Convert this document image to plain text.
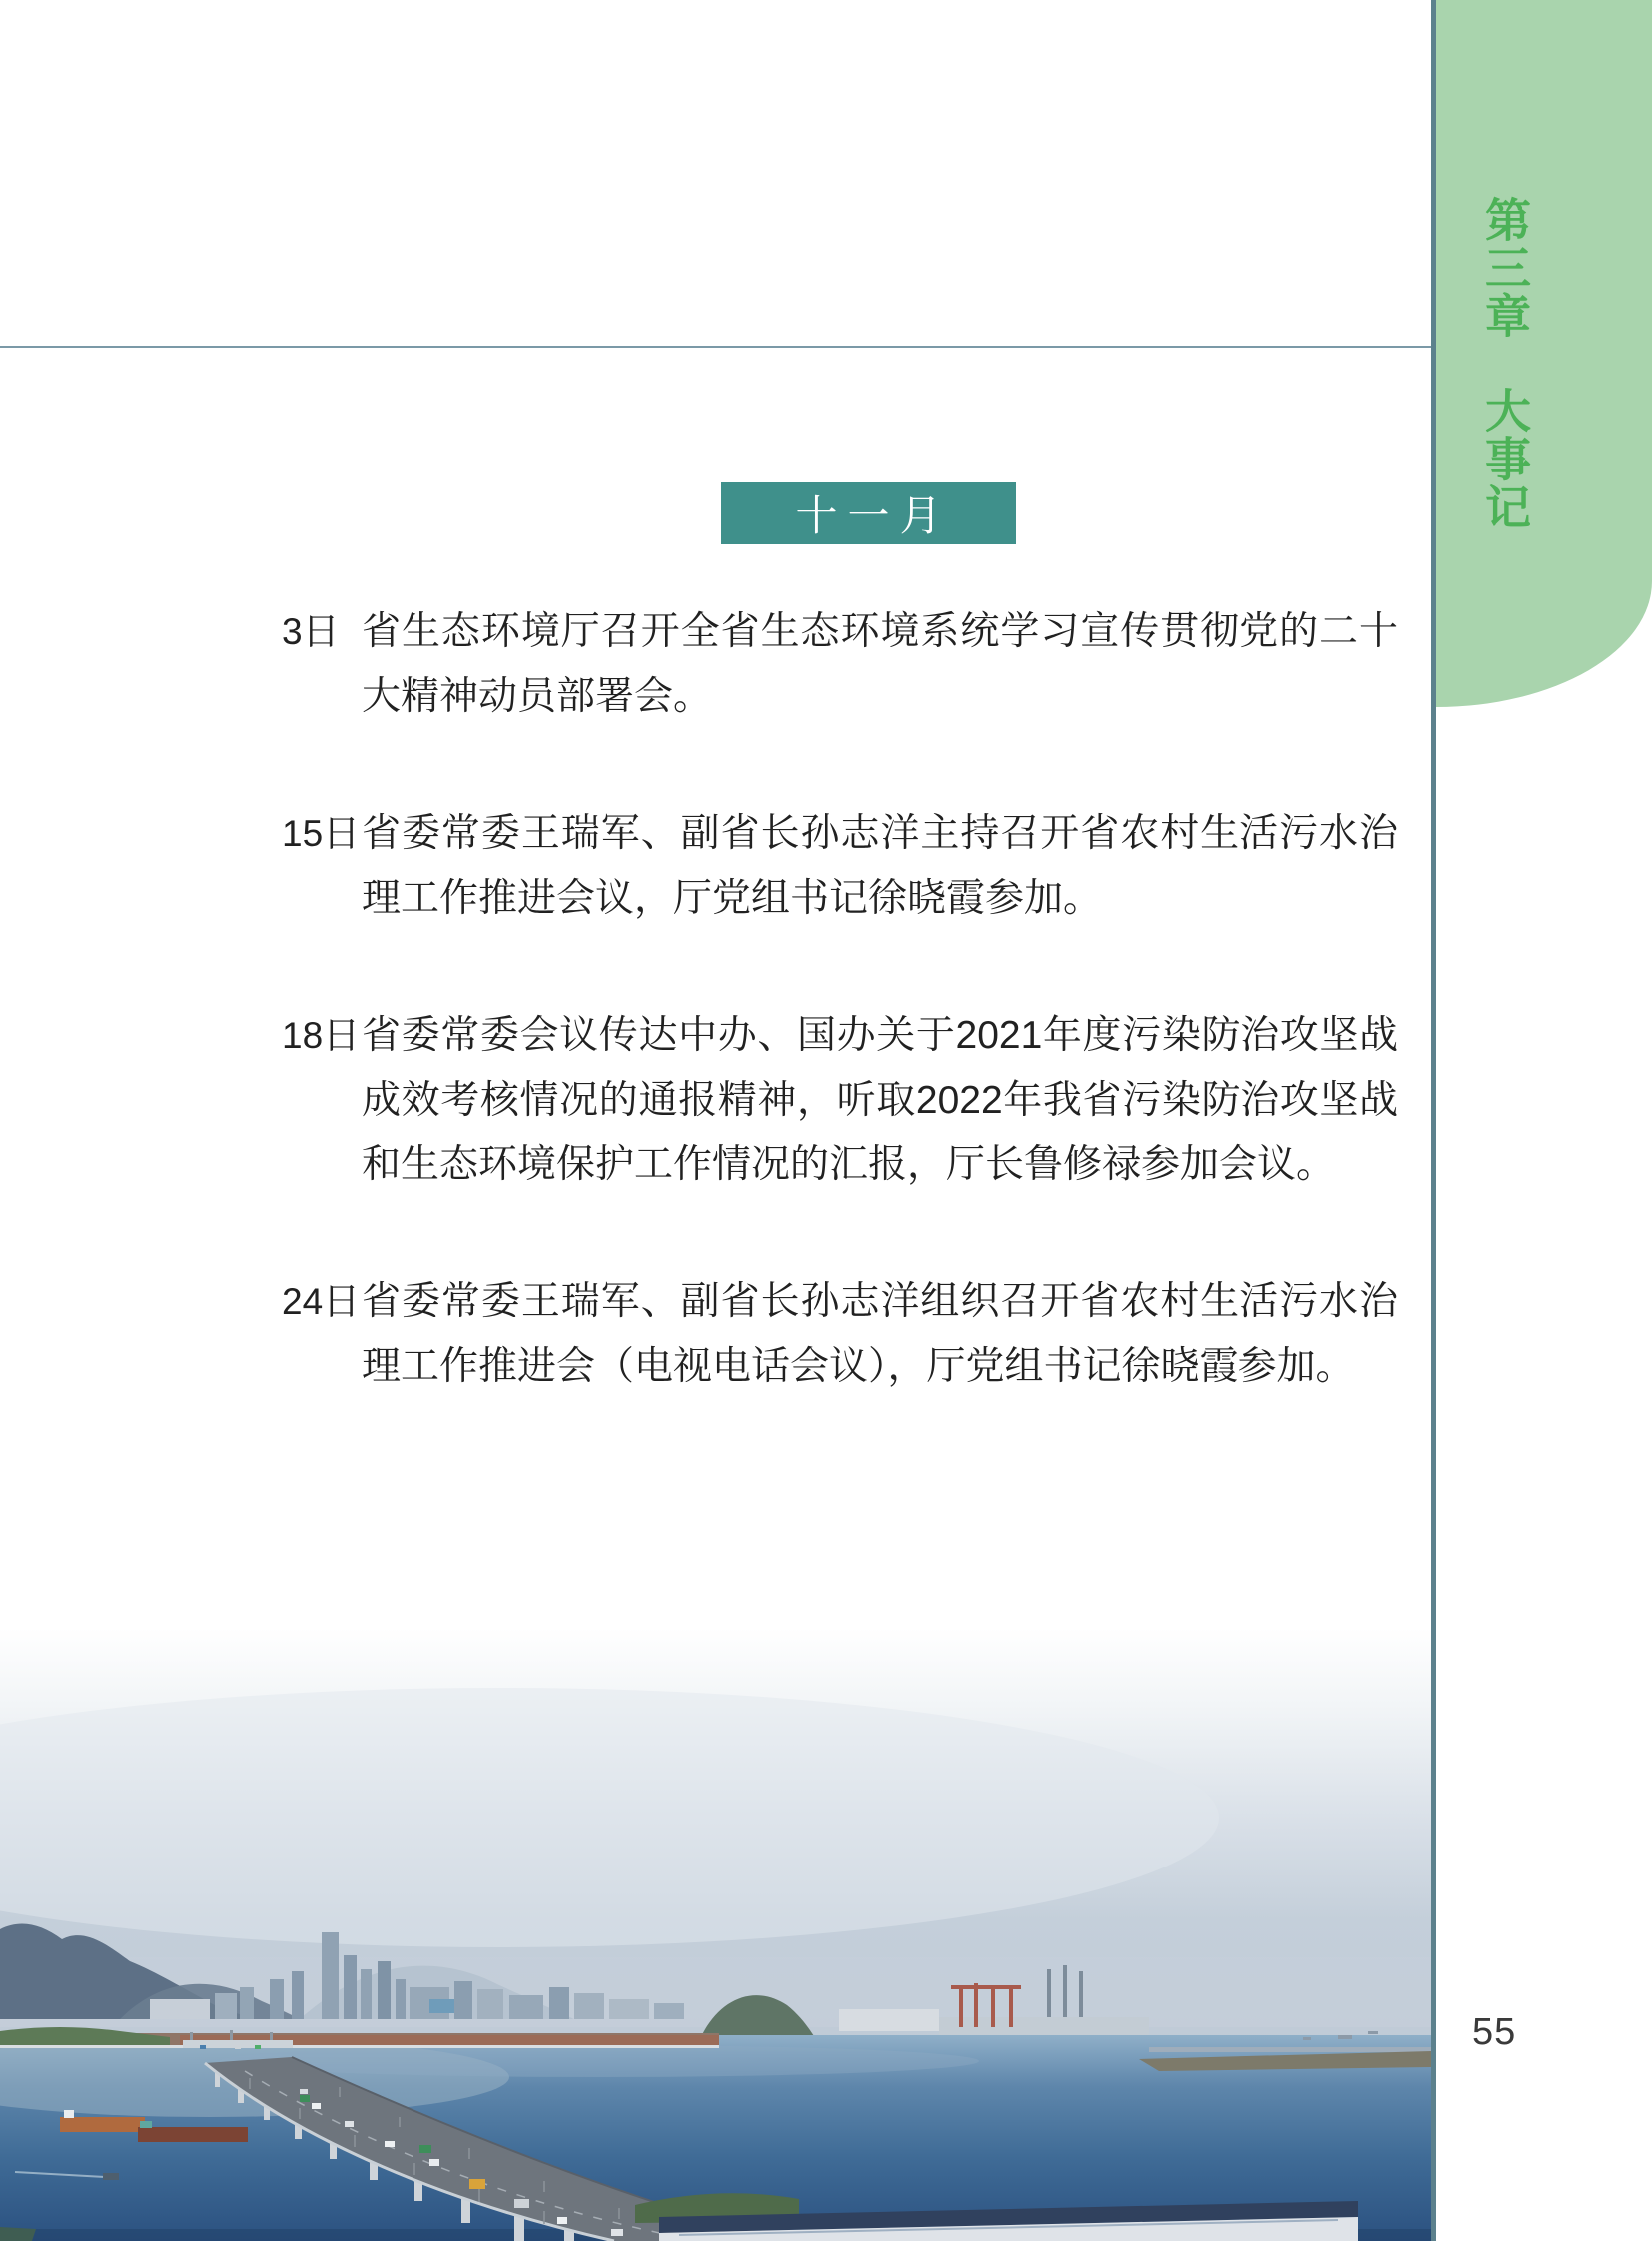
第三章　大事记
十一月
3日 省生态环境厅召开全省生态环境系统学习宣传贯彻党的二十
大精神动员部署会。
15日 省委常委王瑞军、副省长孙志洋主持召开省农村生活污水治
理工作推进会议，厅党组书记徐晓霞参加。
18日 省委常委会议传达中办、国办关于2021年度污染防治攻坚战
成效考核情况的通报精神，听取2022年我省污染防治攻坚战
和生态环境保护工作情况的汇报，厅长鲁修禄参加会议。
24日 省委常委王瑞军、副省长孙志洋组织召开省农村生活污水治
理工作推进会（电视电话会议），厅党组书记徐晓霞参加。
55
